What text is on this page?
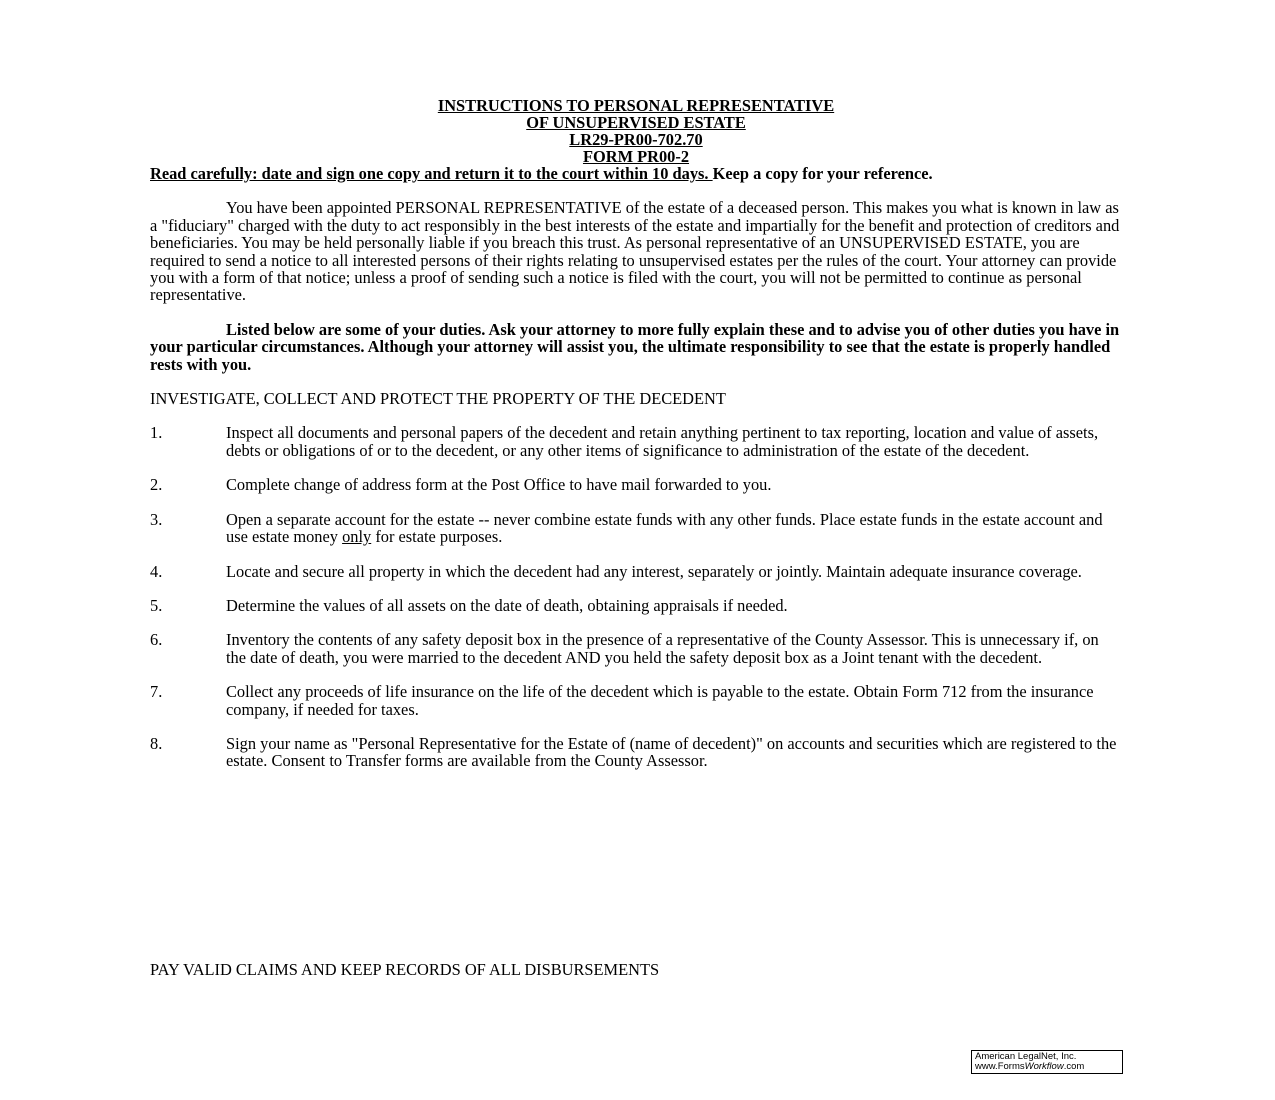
INSTRUCTIONS TO PERSONAL REPRESENTATIVE
OF UNSUPERVISED ESTATE
LR29-PR00-702.70
FORM PR00-2
Read carefully: date and sign one copy and return it to the court within 10 days. Keep a copy for your reference.
You have been appointed PERSONAL REPRESENTATIVE of the estate of a deceased person. This makes you what is known in law as a "fiduciary" charged with the duty to act responsibly in the best interests of the estate and impartially for the benefit and protection of creditors and beneficiaries. You may be held personally liable if you breach this trust. As personal representative of an UNSUPERVISED ESTATE, you are required to send a notice to all interested persons of their rights relating to unsupervised estates per the rules of the court. Your attorney can provide you with a form of that notice; unless a proof of sending such a notice is filed with the court, you will not be permitted to continue as personal representative.
Listed below are some of your duties. Ask your attorney to more fully explain these and to advise you of other duties you have in your particular circumstances. Although your attorney will assist you, the ultimate responsibility to see that the estate is properly handled rests with you.
INVESTIGATE, COLLECT AND PROTECT THE PROPERTY OF THE DECEDENT
1.	Inspect all documents and personal papers of the decedent and retain anything pertinent to tax reporting, location and value of assets, debts or obligations of or to the decedent, or any other items of significance to administration of the estate of the decedent.
2.	Complete change of address form at the Post Office to have mail forwarded to you.
3.	Open a separate account for the estate -- never combine estate funds with any other funds. Place estate funds in the estate account and use estate money only for estate purposes.
4.	Locate and secure all property in which the decedent had any interest, separately or jointly. Maintain adequate insurance coverage.
5.	Determine the values of all assets on the date of death, obtaining appraisals if needed.
6.	Inventory the contents of any safety deposit box in the presence of a representative of the County Assessor. This is unnecessary if, on the date of death, you were married to the decedent AND you held the safety deposit box as a Joint tenant with the decedent.
7.	Collect any proceeds of life insurance on the life of the decedent which is payable to the estate. Obtain Form 712 from the insurance company, if needed for taxes.
8.	Sign your name as "Personal Representative for the Estate of (name of decedent)" on accounts and securities which are registered to the estate. Consent to Transfer forms are available from the County Assessor.
PAY VALID CLAIMS AND KEEP RECORDS OF ALL DISBURSEMENTS
American LegalNet, Inc.
www.FormsWorkflow.com
